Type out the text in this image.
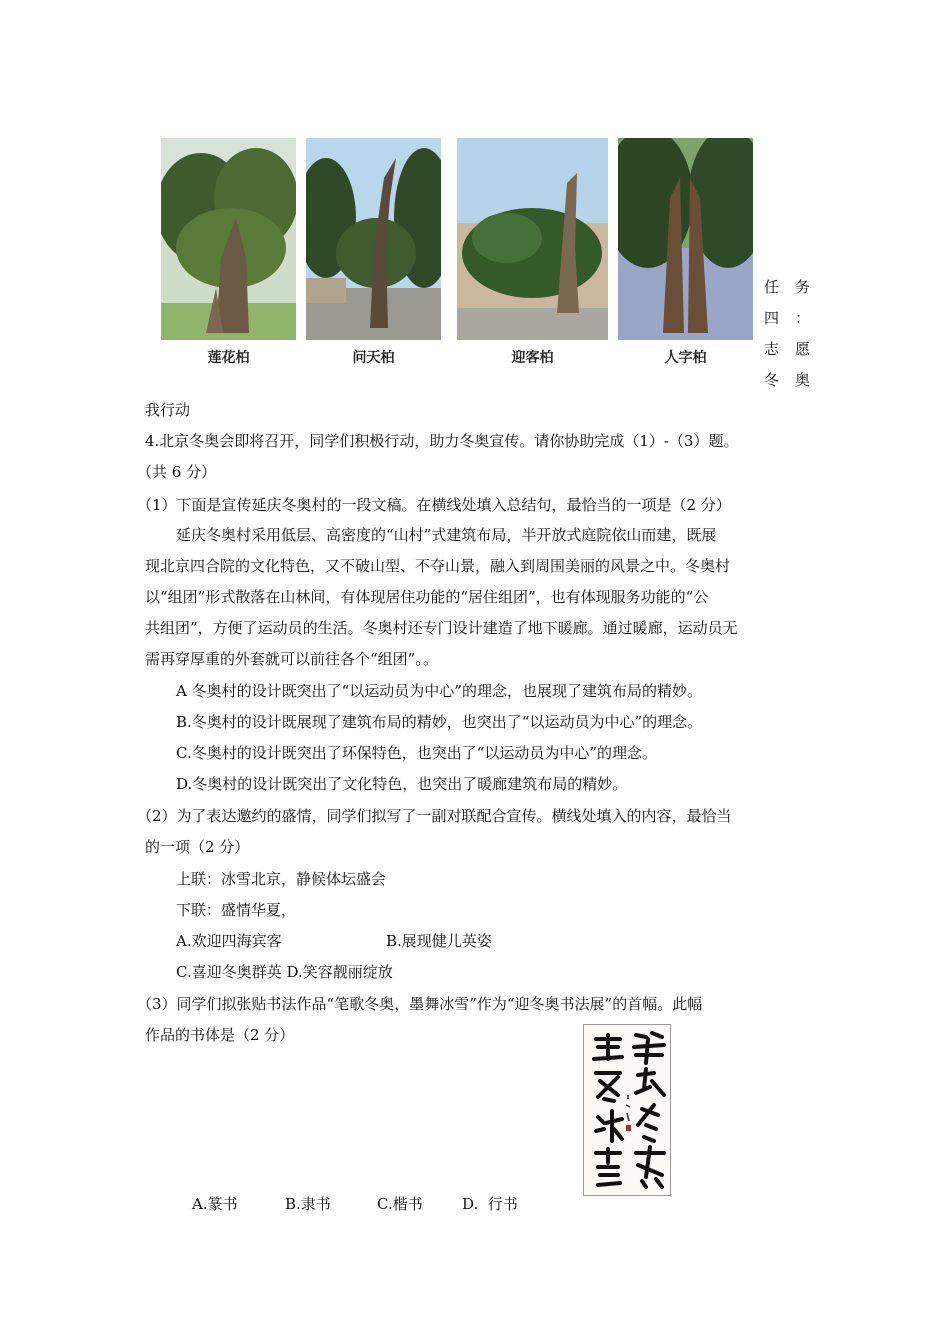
莲花柏	问天柏	迎客柏	人字柏
任 务
四 ：
志 愿
冬 奥
我行动
4.北京冬奥会即将召开，同学们积极行动，助力冬奥宣传。请你协助完成（1）-（3）题。
（共 6 分）
（1）下面是宣传延庆冬奥村的一段文稿。在横线处填入总结句，最恰当的一项是（2 分）
延庆冬奥村采用低层、高密度的“山村”式建筑布局，半开放式庭院依山而建，既展
现北京四合院的文化特色，又不破山型、不夺山景，融入到周围美丽的风景之中。冬奥村
以“组团”形式散落在山林间，有体现居住功能的“居住组团”，也有体现服务功能的“公
共组团”，方便了运动员的生活。冬奥村还专门设计建造了地下暖廊。通过暖廊，运动员无
需再穿厚重的外套就可以前往各个“组团”。。
A 冬奥村的设计既突出了“以运动员为中心”的理念，也展现了建筑布局的精妙。
B.冬奥村的设计既展现了建筑布局的精妙，也突出了“以运动员为中心”的理念。
C.冬奥村的设计既突出了环保特色，也突出了“以运动员为中心”的理念。
D.冬奥村的设计既突出了文化特色，也突出了暖廊建筑布局的精妙。
（2）为了表达邀约的盛情，同学们拟写了一副对联配合宣传。横线处填入的内容，最恰当
的一项（2 分）
上联：冰雪北京，静候体坛盛会
下联：盛情华夏，
A.欢迎四海宾客	B.展现健儿英姿
C.喜迎冬奥群英 D.笑容靓丽绽放
（3）同学们拟张贴书法作品“笔歌冬奥，墨舞冰雪”作为“迎冬奥书法展”的首幅。此幅
作品的书体是（2 分）
A.篆书	B.隶书	C.楷书	D.  行书
